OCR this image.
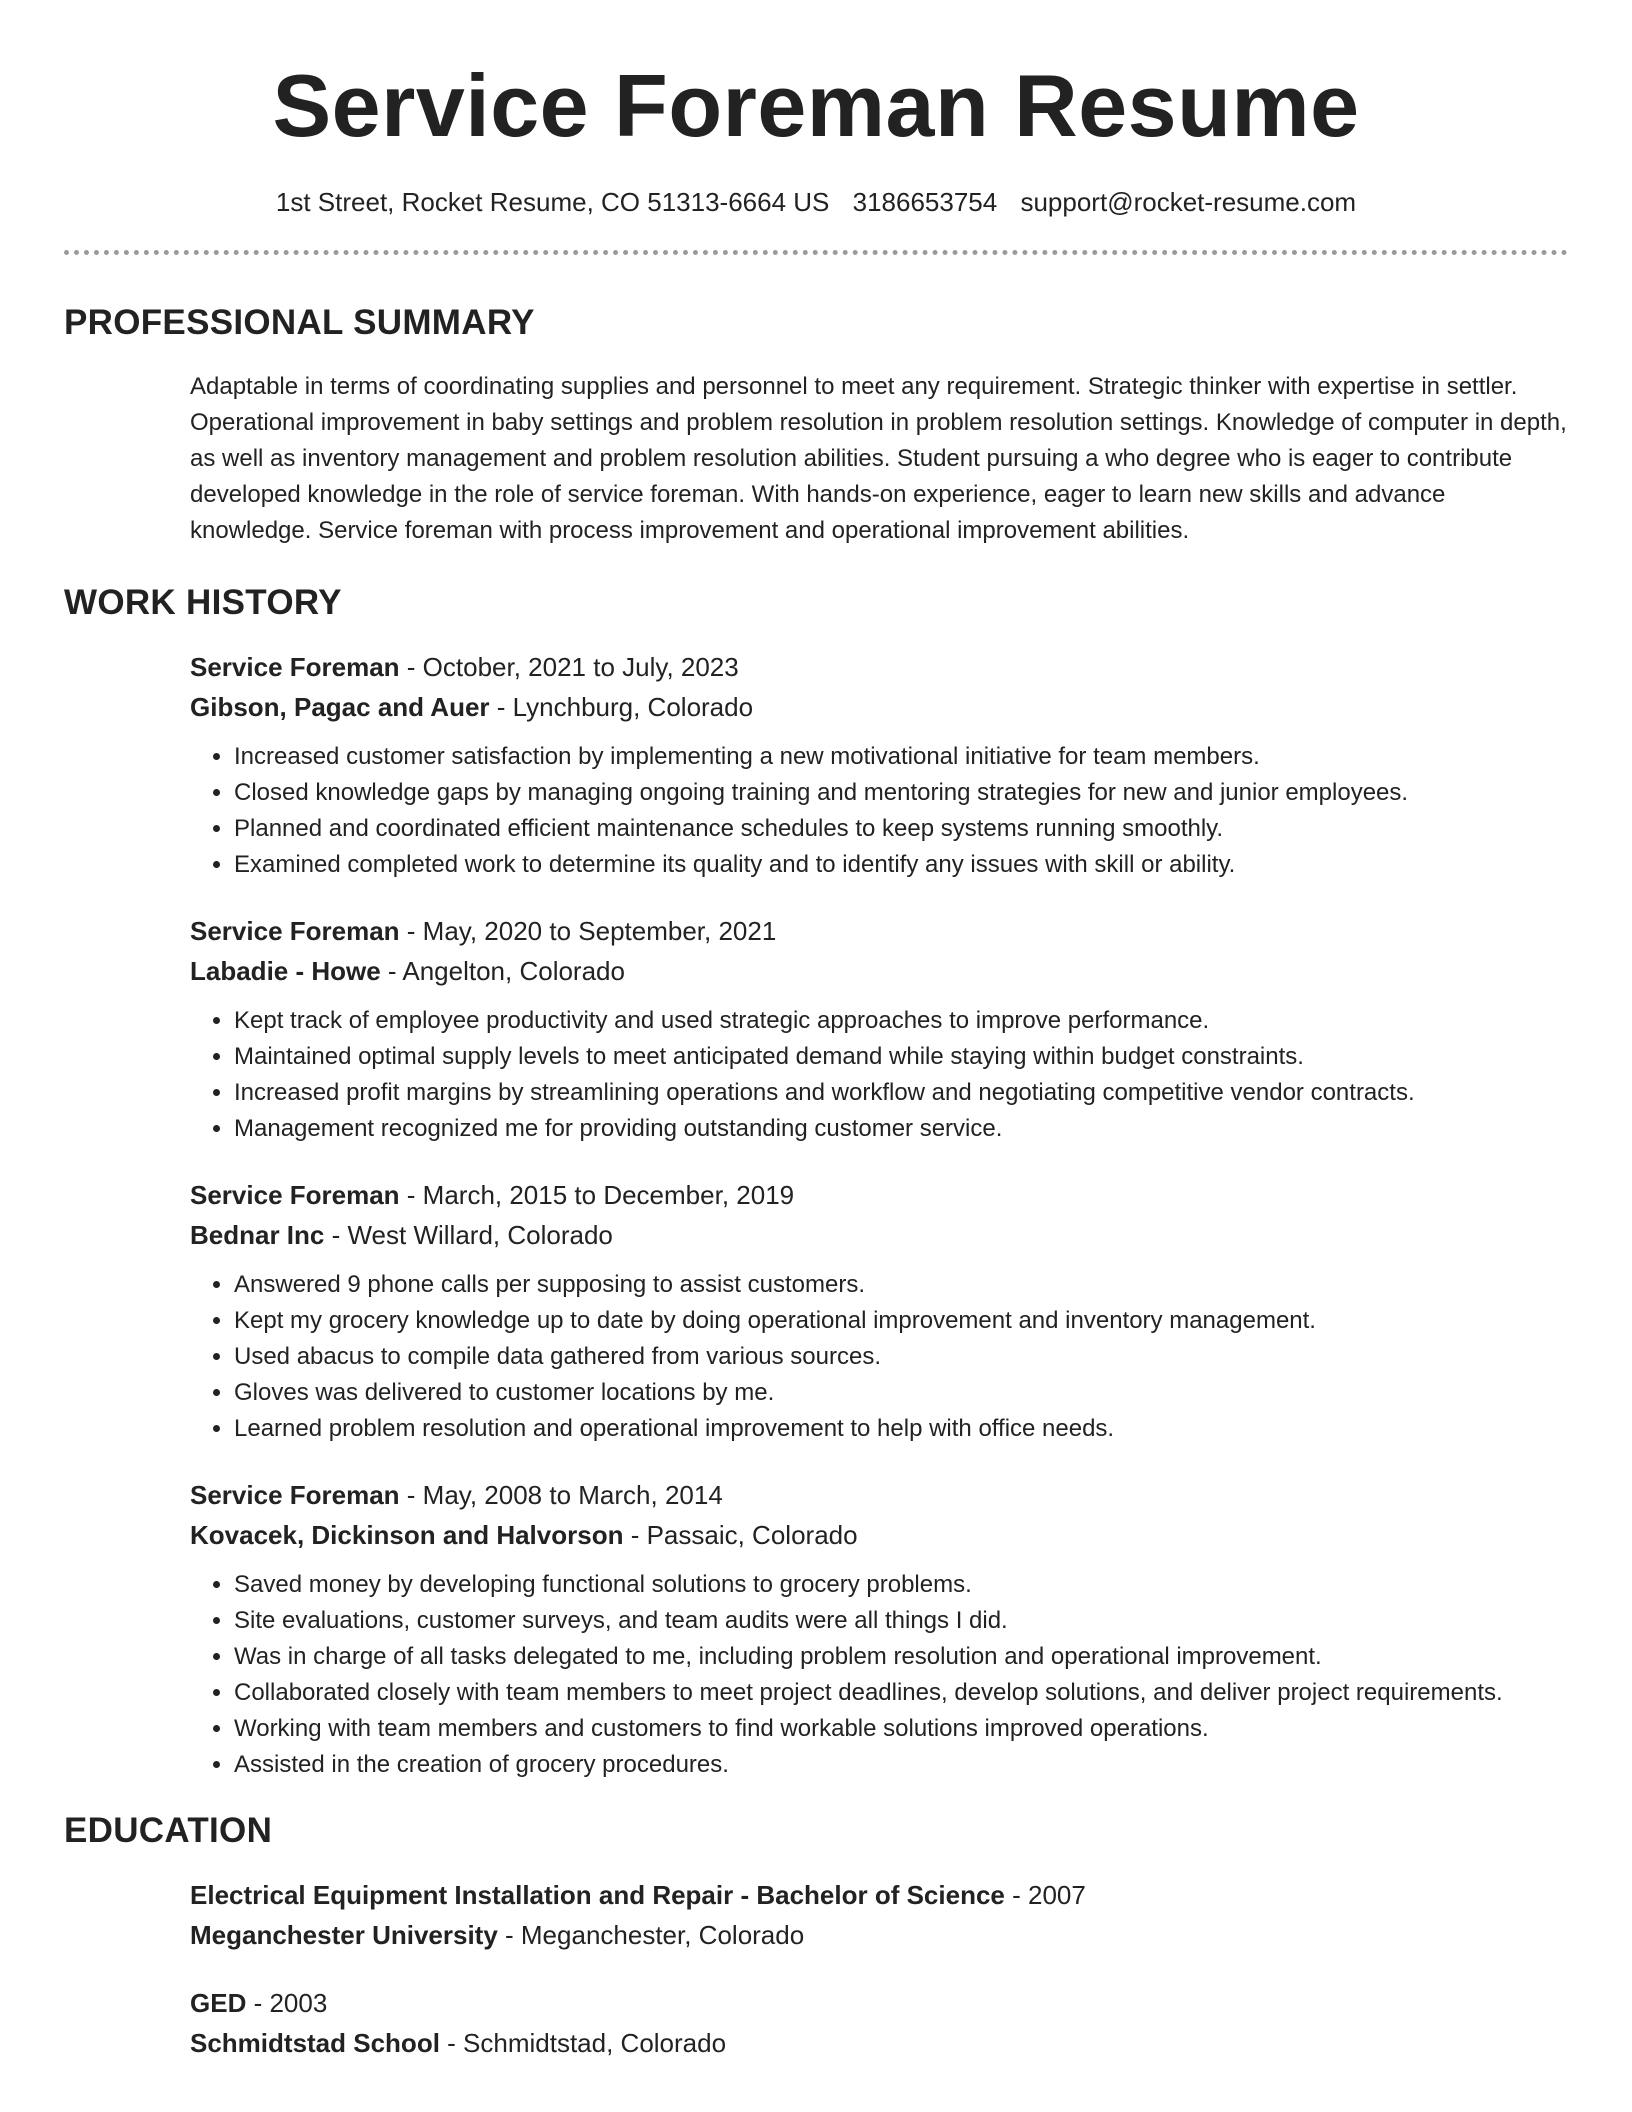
Service Foreman Resume
1st Street, Rocket Resume, CO 51313-6664 US 3186653754 support@rocket-resume.com
PROFESSIONAL SUMMARY
Adaptable in terms of coordinating supplies and personnel to meet any requirement. Strategic thinker with expertise in settler. Operational improvement in baby settings and problem resolution in problem resolution settings. Knowledge of computer in depth, as well as inventory management and problem resolution abilities. Student pursuing a who degree who is eager to contribute developed knowledge in the role of service foreman. With hands-on experience, eager to learn new skills and advance knowledge. Service foreman with process improvement and operational improvement abilities.
WORK HISTORY
Service Foreman - October, 2021 to July, 2023
Gibson, Pagac and Auer - Lynchburg, Colorado
• Increased customer satisfaction by implementing a new motivational initiative for team members.
• Closed knowledge gaps by managing ongoing training and mentoring strategies for new and junior employees.
• Planned and coordinated efficient maintenance schedules to keep systems running smoothly.
• Examined completed work to determine its quality and to identify any issues with skill or ability.
Service Foreman - May, 2020 to September, 2021
Labadie - Howe - Angelton, Colorado
• Kept track of employee productivity and used strategic approaches to improve performance.
• Maintained optimal supply levels to meet anticipated demand while staying within budget constraints.
• Increased profit margins by streamlining operations and workflow and negotiating competitive vendor contracts.
• Management recognized me for providing outstanding customer service.
Service Foreman - March, 2015 to December, 2019
Bednar Inc - West Willard, Colorado
• Answered 9 phone calls per supposing to assist customers.
• Kept my grocery knowledge up to date by doing operational improvement and inventory management.
• Used abacus to compile data gathered from various sources.
• Gloves was delivered to customer locations by me.
• Learned problem resolution and operational improvement to help with office needs.
Service Foreman - May, 2008 to March, 2014
Kovacek, Dickinson and Halvorson - Passaic, Colorado
• Saved money by developing functional solutions to grocery problems.
• Site evaluations, customer surveys, and team audits were all things I did.
• Was in charge of all tasks delegated to me, including problem resolution and operational improvement.
• Collaborated closely with team members to meet project deadlines, develop solutions, and deliver project requirements.
• Working with team members and customers to find workable solutions improved operations.
• Assisted in the creation of grocery procedures.
EDUCATION
Electrical Equipment Installation and Repair - Bachelor of Science - 2007
Meganchester University - Meganchester, Colorado
GED - 2003
Schmidtstad School - Schmidtstad, Colorado
